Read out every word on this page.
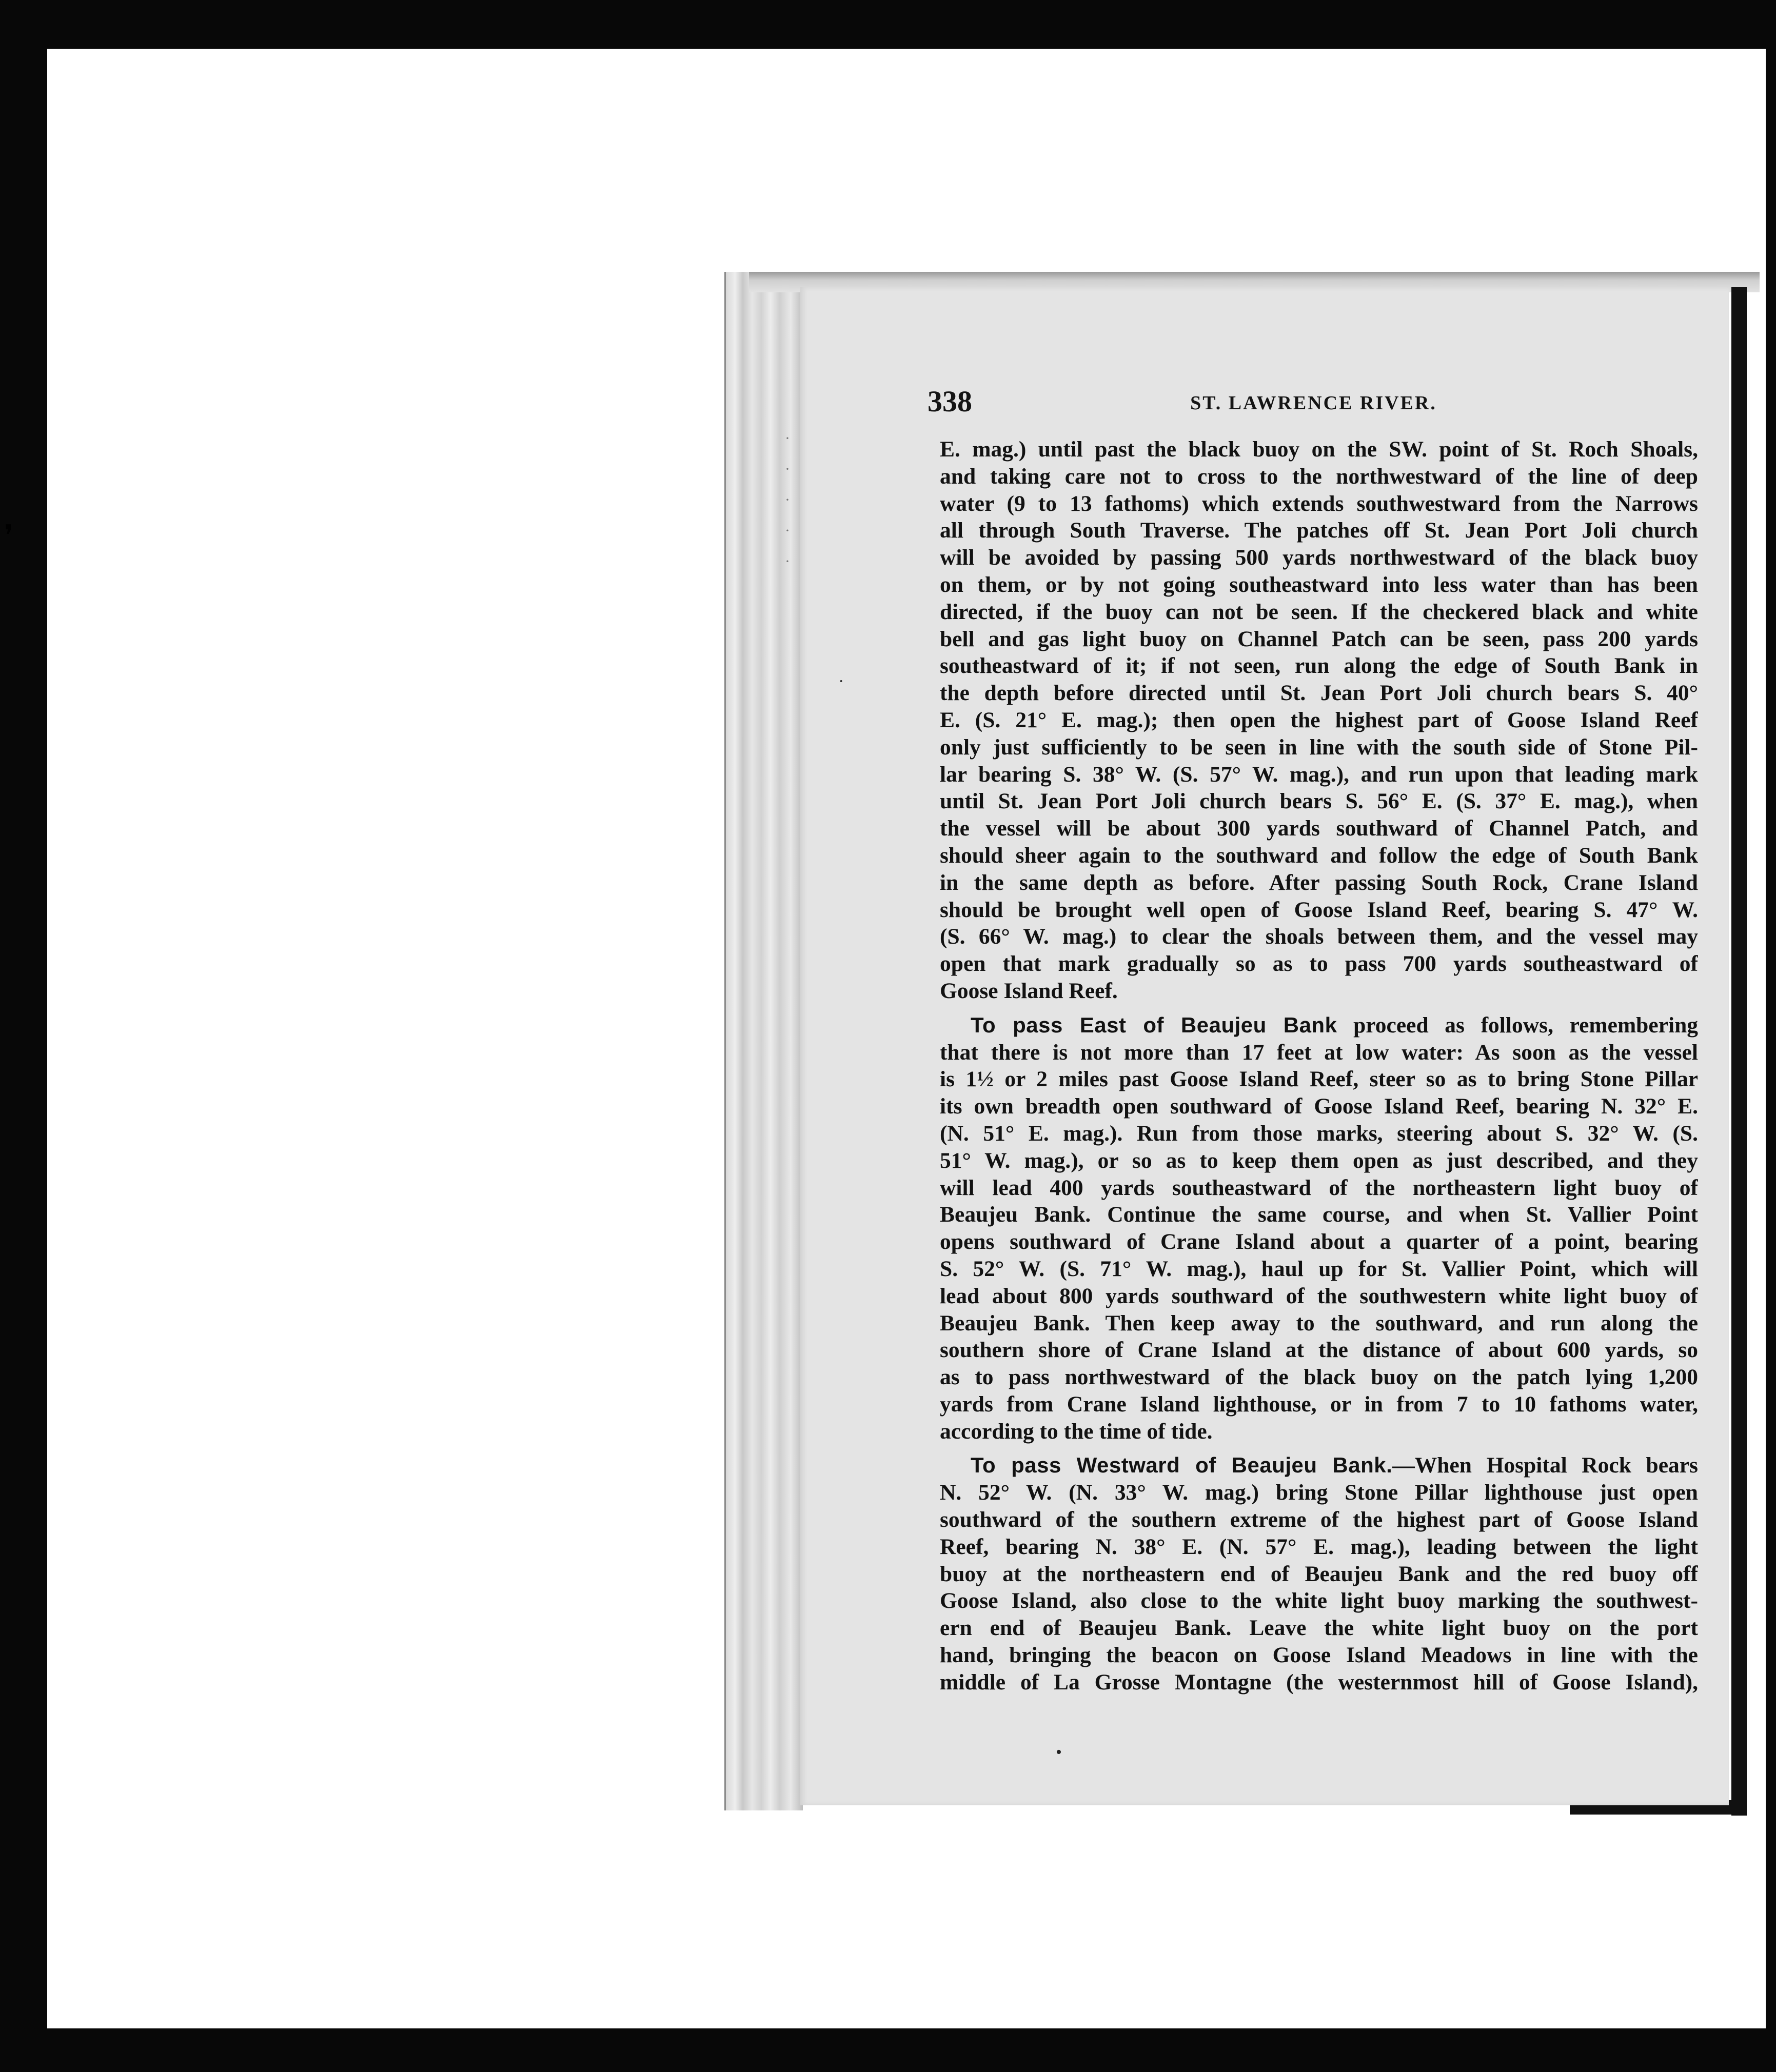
❜
·
·
·
·
·
338	ST. LAWRENCE RIVER.
E. mag.) until past the black buoy on the SW. point of St. Roch Shoals,
and taking care not to cross to the northwestward of the line of deep
water (9 to 13 fathoms) which extends southwestward from the Narrows
all through South Traverse. The patches off St. Jean Port Joli church
will be avoided by passing 500 yards northwestward of the black buoy
on them, or by not going southeastward into less water than has been
directed, if the buoy can not be seen. If the checkered black and white
bell and gas light buoy on Channel Patch can be seen, pass 200 yards
southeastward of it; if not seen, run along the edge of South Bank in
the depth before directed until St. Jean Port Joli church bears S. 40°
E. (S. 21° E. mag.); then open the highest part of Goose Island Reef
only just sufficiently to be seen in line with the south side of Stone Pil-
lar bearing S. 38° W. (S. 57° W. mag.), and run upon that leading mark
until St. Jean Port Joli church bears S. 56° E. (S. 37° E. mag.), when
the vessel will be about 300 yards southward of Channel Patch, and
should sheer again to the southward and follow the edge of South Bank
in the same depth as before. After passing South Rock, Crane Island
should be brought well open of Goose Island Reef, bearing S. 47° W.
(S. 66° W. mag.) to clear the shoals between them, and the vessel may
open that mark gradually so as to pass 700 yards southeastward of
Goose Island Reef.
To pass East of Beaujeu Bank proceed as follows, remembering
that there is not more than 17 feet at low water: As soon as the vessel
is 1½ or 2 miles past Goose Island Reef, steer so as to bring Stone Pillar
its own breadth open southward of Goose Island Reef, bearing N. 32° E.
(N. 51° E. mag.). Run from those marks, steering about S. 32° W. (S.
51° W. mag.), or so as to keep them open as just described, and they
will lead 400 yards southeastward of the northeastern light buoy of
Beaujeu Bank. Continue the same course, and when St. Vallier Point
opens southward of Crane Island about a quarter of a point, bearing
S. 52° W. (S. 71° W. mag.), haul up for St. Vallier Point, which will
lead about 800 yards southward of the southwestern white light buoy of
Beaujeu Bank. Then keep away to the southward, and run along the
southern shore of Crane Island at the distance of about 600 yards, so
as to pass northwestward of the black buoy on the patch lying 1,200
yards from Crane Island lighthouse, or in from 7 to 10 fathoms water,
according to the time of tide.
To pass Westward of Beaujeu Bank.—When Hospital Rock bears
N. 52° W. (N. 33° W. mag.) bring Stone Pillar lighthouse just open
southward of the southern extreme of the highest part of Goose Island
Reef, bearing N. 38° E. (N. 57° E. mag.), leading between the light
buoy at the northeastern end of Beaujeu Bank and the red buoy off
Goose Island, also close to the white light buoy marking the southwest-
ern end of Beaujeu Bank. Leave the white light buoy on the port
hand, bringing the beacon on Goose Island Meadows in line with the
middle of La Grosse Montagne (the westernmost hill of Goose Island),
·
•
